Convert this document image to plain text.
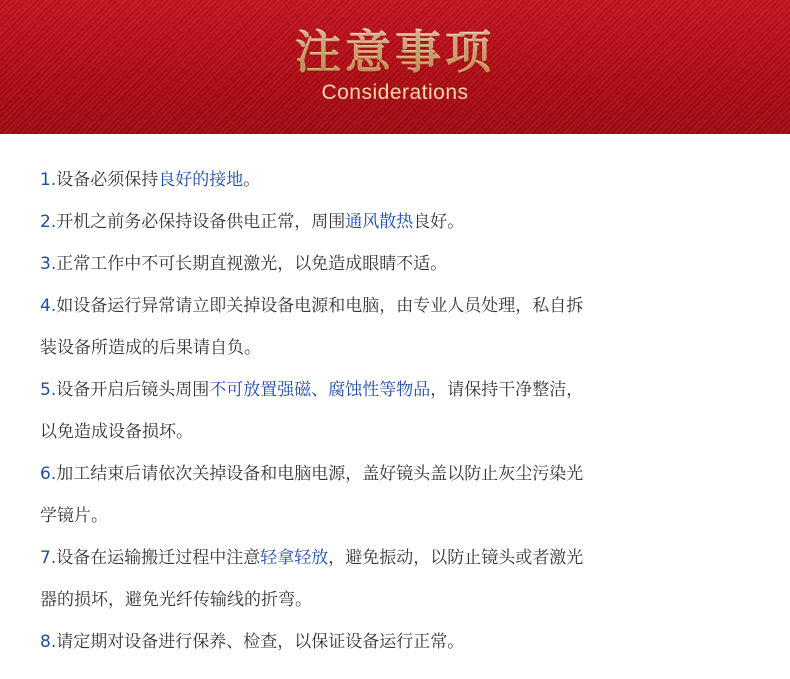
注意事项
Considerations
1.设备必须保持良好的接地。
2.开机之前务必保持设备供电正常，周围通风散热良好。
3.正常工作中不可长期直视激光，以免造成眼睛不适。
4.如设备运行异常请立即关掉设备电源和电脑，由专业人员处理，私自拆
装设备所造成的后果请自负。
5.设备开启后镜头周围不可放置强磁、腐蚀性等物品，请保持干净整洁，
以免造成设备损坏。
6.加工结束后请依次关掉设备和电脑电源，盖好镜头盖以防止灰尘污染光
学镜片。
7.设备在运输搬迁过程中注意轻拿轻放，避免振动，以防止镜头或者激光
器的损坏，避免光纤传输线的折弯。
8.请定期对设备进行保养、检查，以保证设备运行正常。
